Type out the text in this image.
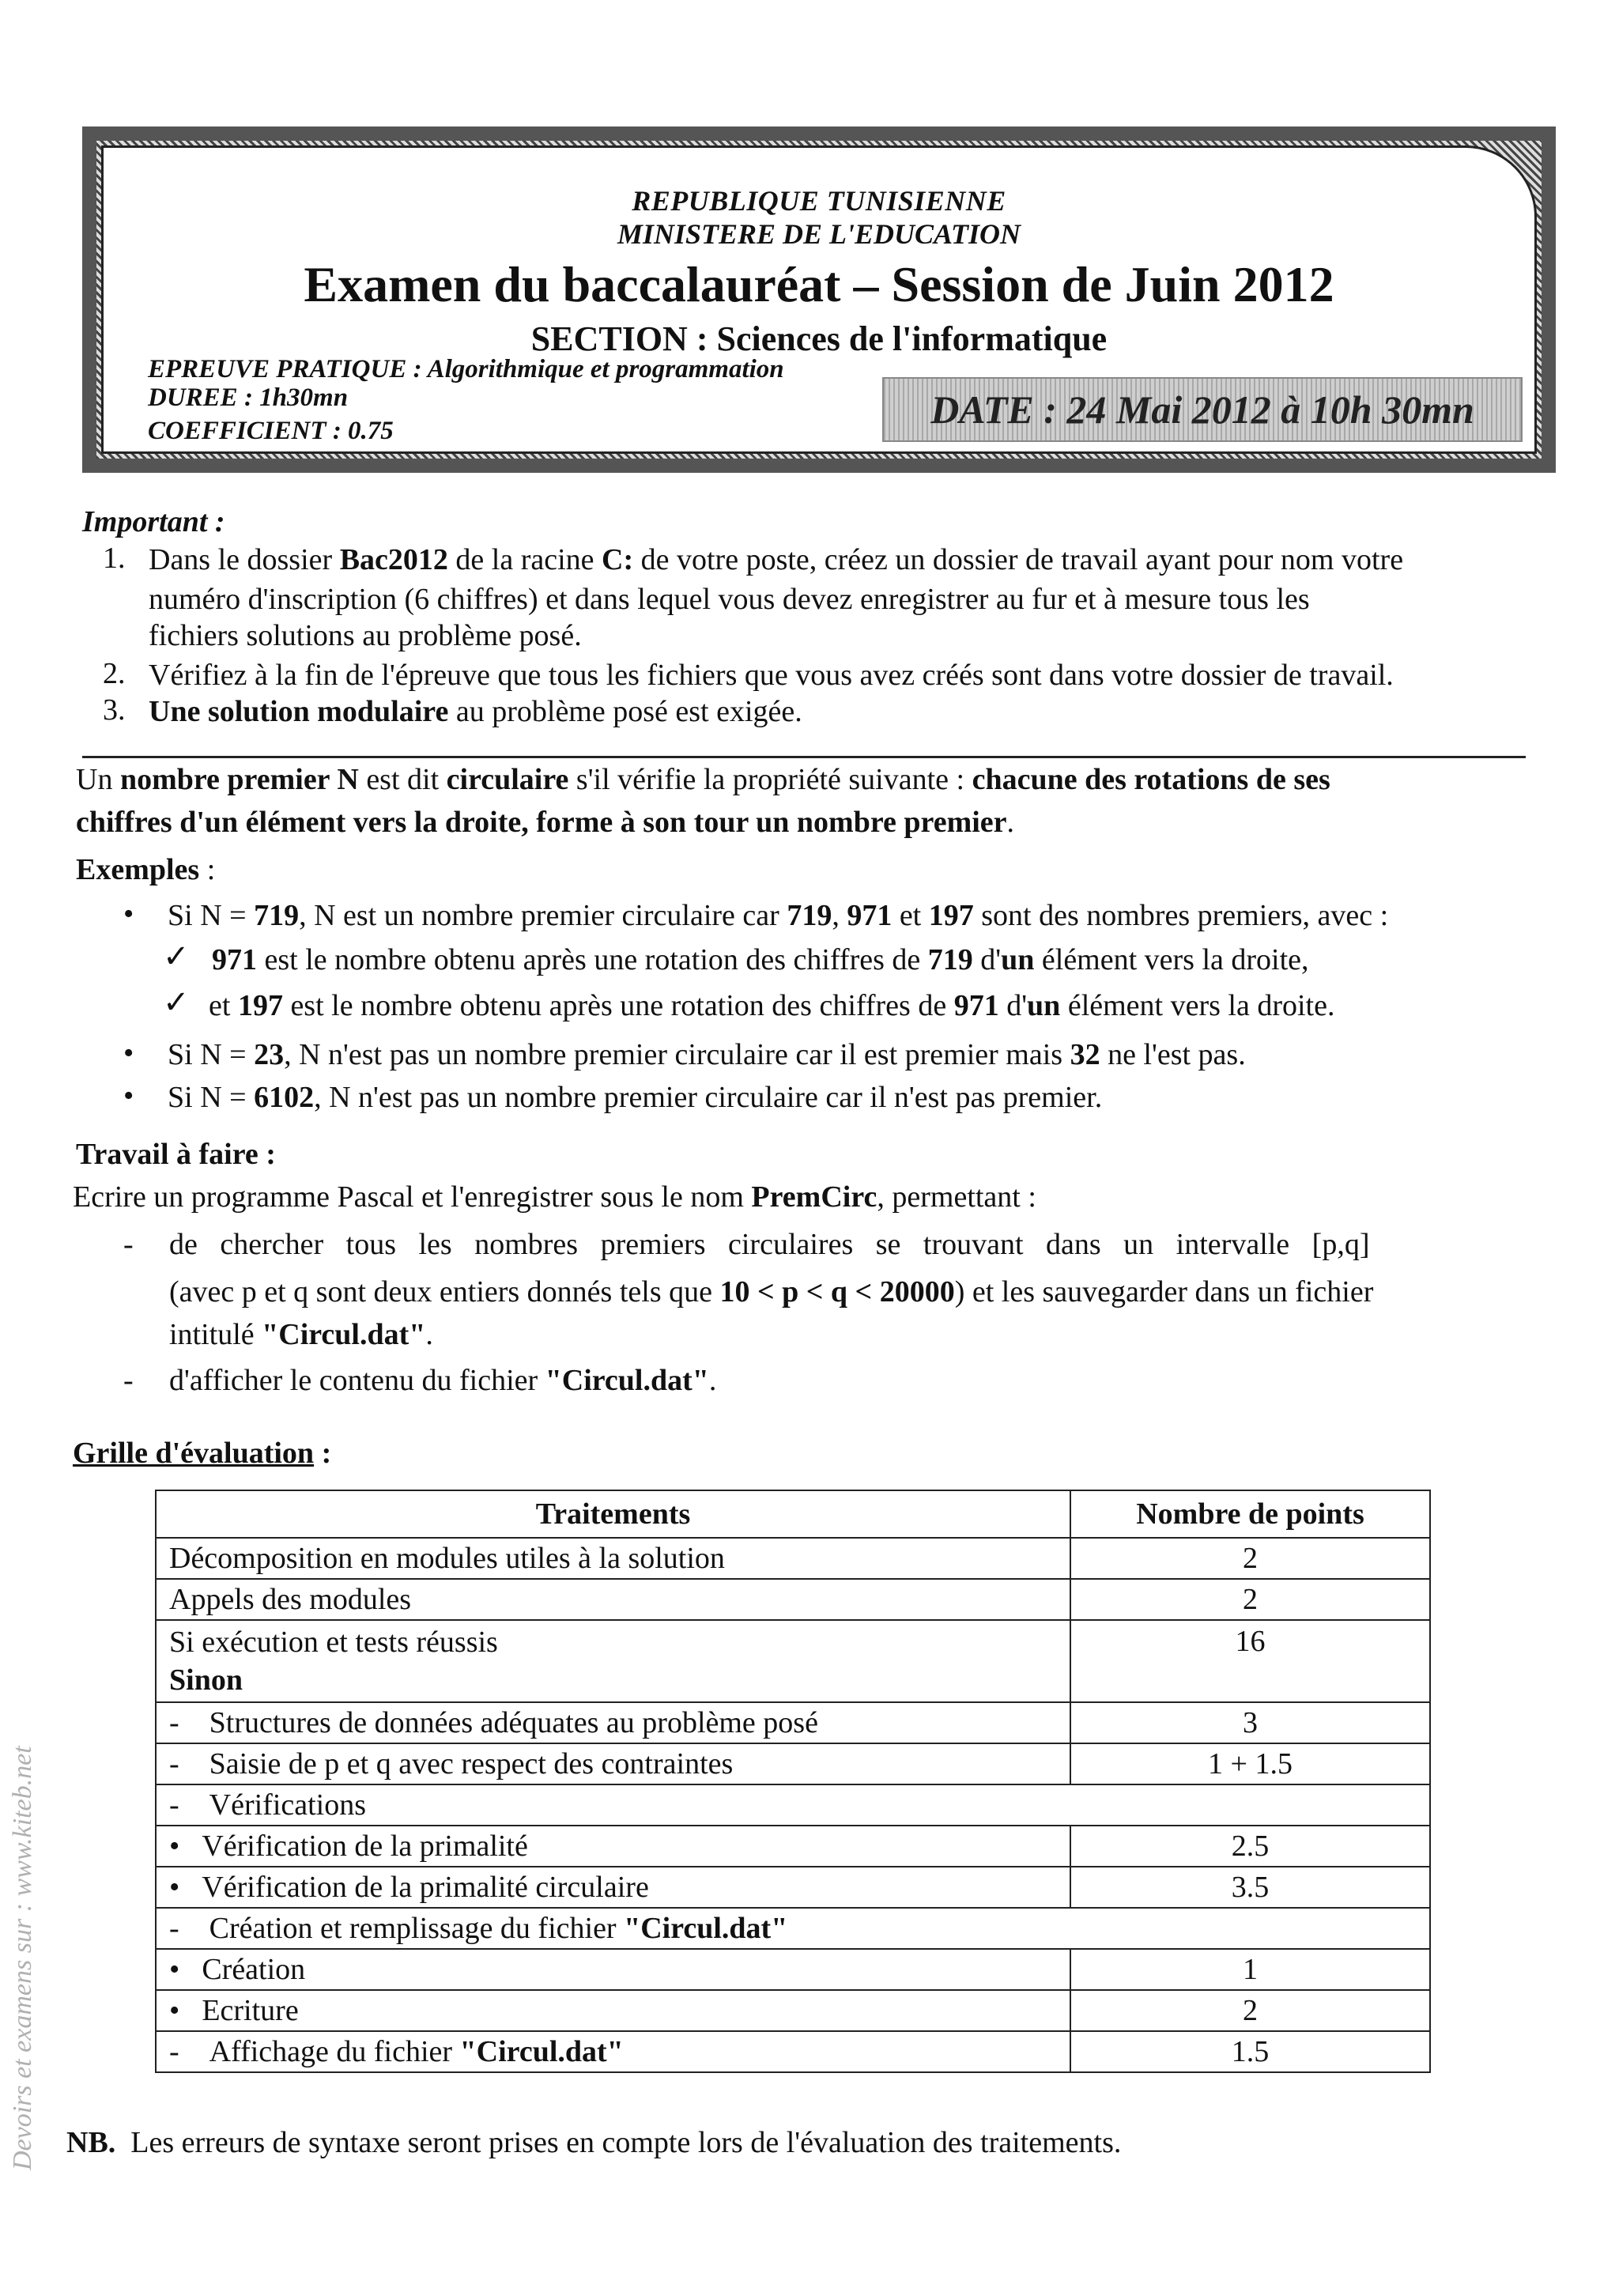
REPUBLIQUE TUNISIENNE
MINISTERE DE L'EDUCATION
Examen du baccalauréat – Session de Juin 2012
SECTION : Sciences de l'informatique
EPREUVE PRATIQUE : Algorithmique et programmation
DUREE : 1h30mn
COEFFICIENT : 0.75	DATE : 24 Mai 2012 à 10h 30mn
Devoirs et examens sur : www.kiteb.net
Important :
1. Dans le dossier Bac2012 de la racine C: de votre poste, créez un dossier de travail ayant pour nom votre
numéro d'inscription (6 chiffres) et dans lequel vous devez enregistrer au fur et à mesure tous les
fichiers solutions au problème posé.
2. Vérifiez à la fin de l'épreuve que tous les fichiers que vous avez créés sont dans votre dossier de travail.
3. Une solution modulaire au problème posé est exigée.
Un nombre premier N est dit circulaire s'il vérifie la propriété suivante : chacune des rotations de ses
chiffres d'un élément vers la droite, forme à son tour un nombre premier.
Exemples :
• Si N = 719, N est un nombre premier circulaire car 719, 971 et 197 sont des nombres premiers, avec :
✓ 971 est le nombre obtenu après une rotation des chiffres de 719 d'un élément vers la droite,
✓ et 197 est le nombre obtenu après une rotation des chiffres de 971 d'un élément vers la droite.
• Si N = 23, N n'est pas un nombre premier circulaire car il est premier mais 32 ne l'est pas.
• Si N = 6102, N n'est pas un nombre premier circulaire car il n'est pas premier.
Travail à faire :
Ecrire un programme Pascal et l'enregistrer sous le nom PremCirc, permettant :
- de   chercher   tous   les   nombres   premiers   circulaires   se   trouvant   dans   un   intervalle   [p,q]
(avec p et q sont deux entiers donnés tels que 10 < p < q < 20000) et les sauvegarder dans un fichier
intitulé "Circul.dat".
- d'afficher le contenu du fichier "Circul.dat".
Grille d'évaluation :
Traitements	Nombre de points
Décomposition en modules utiles à la solution	2
Appels des modules	2

Si exécution et tests réussis
Sinon	16
- Structures de données adéquates au problème posé	3
- Saisie de p et q avec respect des contraintes	1 + 1.5
- Vérifications	
• Vérification de la primalité	2.5
• Vérification de la primalité circulaire	3.5
- Création et remplissage du fichier "Circul.dat"	
• Création	1
• Ecriture	2
- Affichage du fichier "Circul.dat"	1.5
NB.  Les erreurs de syntaxe seront prises en compte lors de l'évaluation des traitements.
